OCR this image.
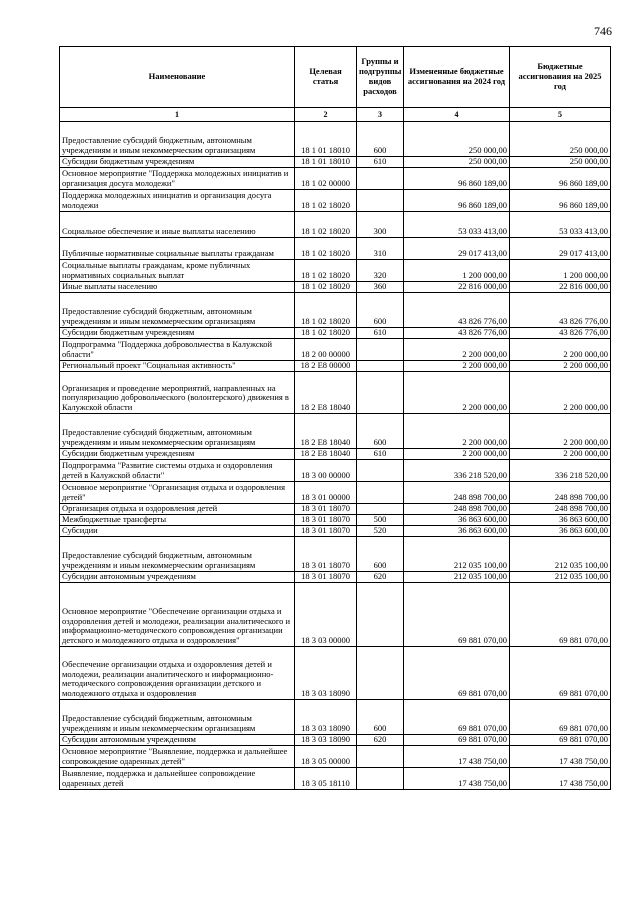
746
Наименование	Целевая статья	Группы и подгруппы видов расходов	Измененные бюджетные ассигнования на 2024 год	Бюджетные ассигнования на 2025 год
1	2	3	4	5
Предоставление субсидий бюджетным, автономным учреждениям и иным некоммерческим организациям	18 1 01 18010	600	250 000,00	250 000,00
Субсидии бюджетным учреждениям	18 1 01 18010	610	250 000,00	250 000,00
Основное мероприятие "Поддержка молодежных инициатив и организация досуга молодежи"	18 1 02 00000		96 860 189,00	96 860 189,00
Поддержка молодежных инициатив и организация досуга молодежи	18 1 02 18020		96 860 189,00	96 860 189,00
Социальное обеспечение и иные выплаты населению	18 1 02 18020	300	53 033 413,00	53 033 413,00
Публичные нормативные социальные выплаты гражданам	18 1 02 18020	310	29 017 413,00	29 017 413,00
Социальные выплаты гражданам, кроме публичных нормативных социальных выплат	18 1 02 18020	320	1 200 000,00	1 200 000,00
Иные выплаты населению	18 1 02 18020	360	22 816 000,00	22 816 000,00
Предоставление субсидий бюджетным, автономным учреждениям и иным некоммерческим организациям	18 1 02 18020	600	43 826 776,00	43 826 776,00
Субсидии бюджетным учреждениям	18 1 02 18020	610	43 826 776,00	43 826 776,00
Подпрограмма "Поддержка добровольчества в Калужской области"	18 2 00 00000		2 200 000,00	2 200 000,00
Региональный проект "Социальная активность"	18 2 E8 00000		2 200 000,00	2 200 000,00
Организация и проведение мероприятий, направленных на популяризацию добровольческого (волонтерского) движения в Калужской области	18 2 E8 18040		2 200 000,00	2 200 000,00
Предоставление субсидий бюджетным, автономным учреждениям и иным некоммерческим организациям	18 2 E8 18040	600	2 200 000,00	2 200 000,00
Субсидии бюджетным учреждениям	18 2 E8 18040	610	2 200 000,00	2 200 000,00
Подпрограмма "Развитие системы отдыха и оздоровления детей в Калужской области"	18 3 00 00000		336 218 520,00	336 218 520,00
Основное мероприятие "Организация отдыха и оздоровления детей"	18 3 01 00000		248 898 700,00	248 898 700,00
Организация отдыха и оздоровления детей	18 3 01 18070		248 898 700,00	248 898 700,00
Межбюджетные трансферты	18 3 01 18070	500	36 863 600,00	36 863 600,00
Субсидии	18 3 01 18070	520	36 863 600,00	36 863 600,00
Предоставление субсидий бюджетным, автономным учреждениям и иным некоммерческим организациям	18 3 01 18070	600	212 035 100,00	212 035 100,00
Субсидии автономным учреждениям	18 3 01 18070	620	212 035 100,00	212 035 100,00
Основное мероприятие "Обеспечение организации отдыха и оздоровления детей и молодежи, реализации аналитического и информационно-методического сопровождения организации детского и молодежного отдыха и оздоровления"	18 3 03 00000		69 881 070,00	69 881 070,00
Обеспечение организации отдыха и оздоровления детей и молодежи, реализации аналитического и информационно-методического сопровождения организации детского и молодежного отдыха и оздоровления	18 3 03 18090		69 881 070,00	69 881 070,00
Предоставление субсидий бюджетным, автономным учреждениям и иным некоммерческим организациям	18 3 03 18090	600	69 881 070,00	69 881 070,00
Субсидии автономным учреждениям	18 3 03 18090	620	69 881 070,00	69 881 070,00
Основное мероприятие "Выявление, поддержка и дальнейшее сопровождение одаренных детей"	18 3 05 00000		17 438 750,00	17 438 750,00
Выявление, поддержка и дальнейшее сопровождение одаренных детей	18 3 05 18110		17 438 750,00	17 438 750,00
